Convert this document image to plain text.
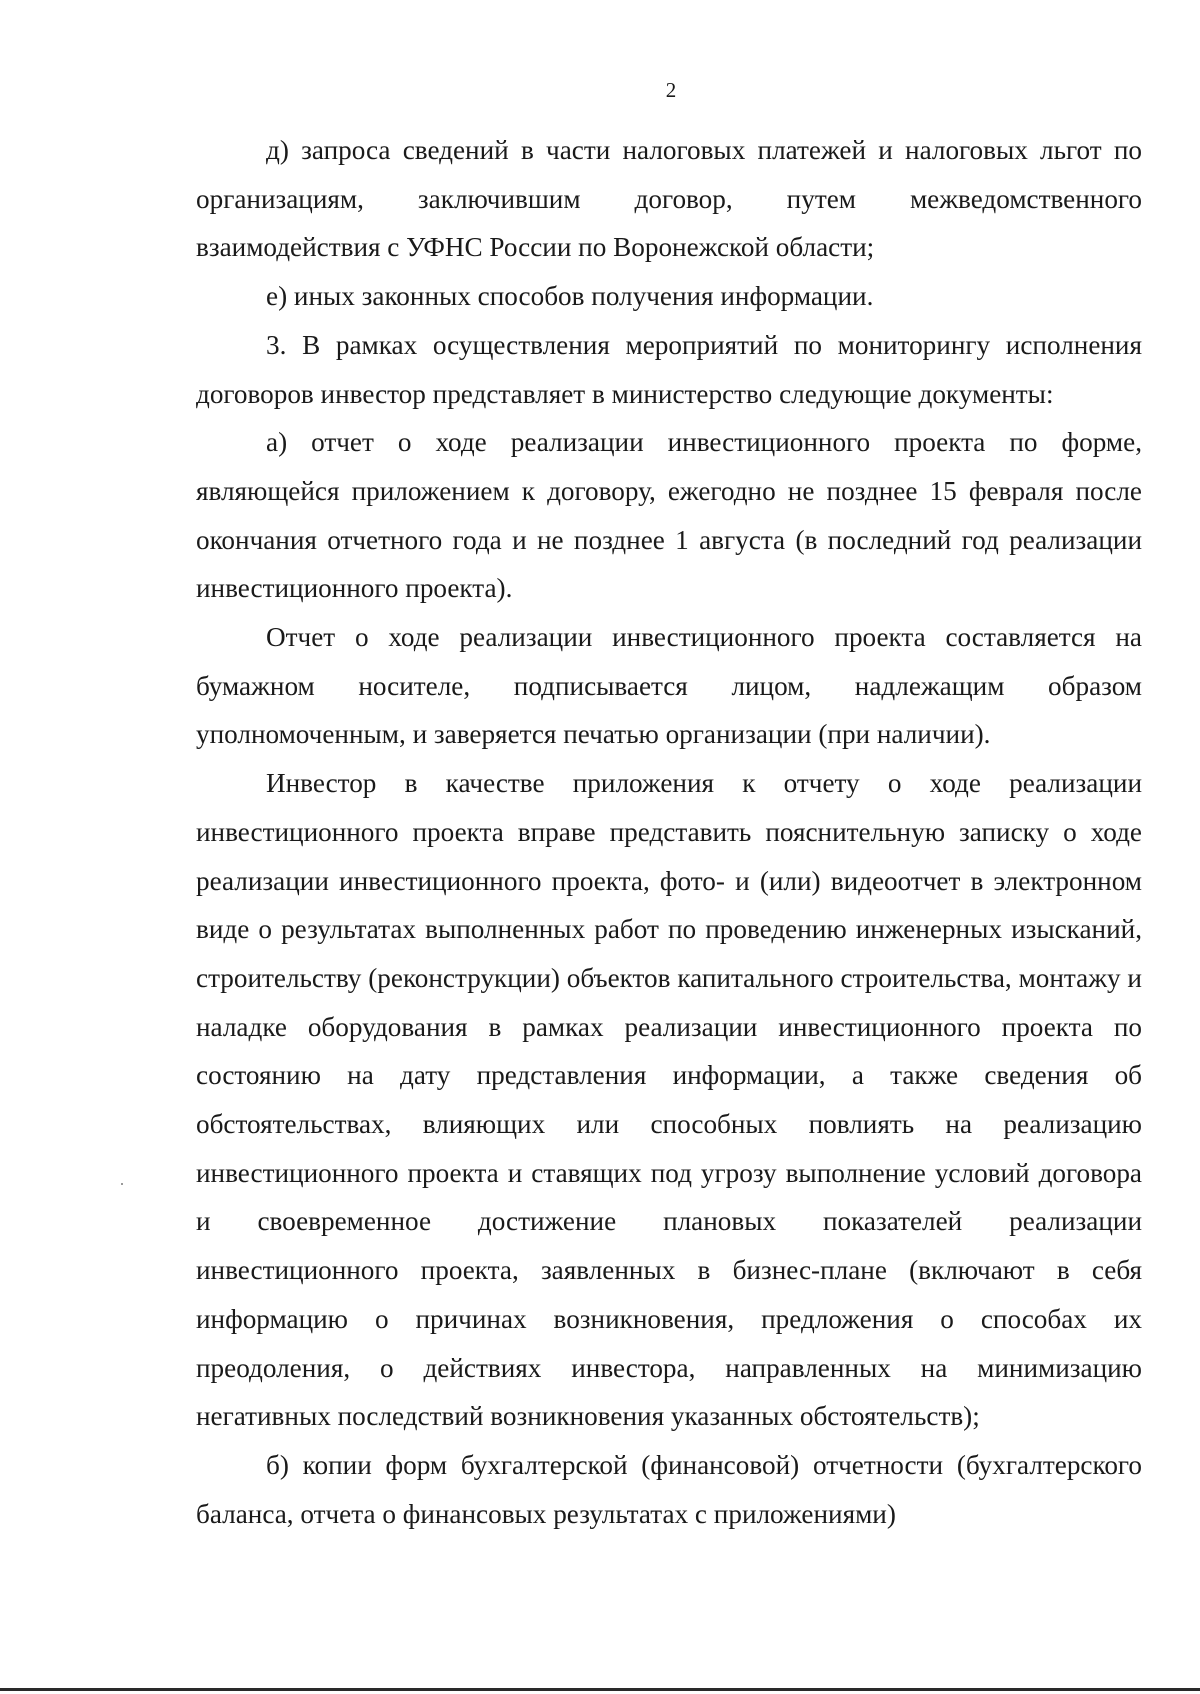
2

д) запроса сведений в части налоговых платежей и налоговых льгот по организациям, заключившим договор, путем межведомственного взаимодействия с УФНС России по Воронежской области;

е) иных законных способов получения информации.

3. В рамках осуществления мероприятий по мониторингу исполнения договоров инвестор представляет в министерство следующие документы:

а) отчет о ходе реализации инвестиционного проекта по форме, являющейся приложением к договору, ежегодно не позднее 15 февраля после окончания отчетного года и не позднее 1 августа (в последний год реализации инвестиционного проекта).

Отчет о ходе реализации инвестиционного проекта составляется на бумажном носителе, подписывается лицом, надлежащим образом уполномоченным, и заверяется печатью организации (при наличии).

Инвестор в качестве приложения к отчету о ходе реализации инвестиционного проекта вправе представить пояснительную записку о ходе реализации инвестиционного проекта, фото- и (или) видеоотчет в электронном виде о результатах выполненных работ по проведению инженерных изысканий, строительству (реконструкции) объектов капитального строительства, монтажу и наладке оборудования в рамках реализации инвестиционного проекта по состоянию на дату представления информации, а также сведения об обстоятельствах, влияющих или способных повлиять на реализацию инвестиционного проекта и ставящих под угрозу выполнение условий договора и своевременное достижение плановых показателей реализации инвестиционного проекта, заявленных в бизнес-плане (включают в себя информацию о причинах возникновения, предложения о способах их преодоления, о действиях инвестора, направленных на минимизацию негативных последствий возникновения указанных обстоятельств);

б) копии форм бухгалтерской (финансовой) отчетности (бухгалтерского баланса, отчета о финансовых результатах с приложениями)
